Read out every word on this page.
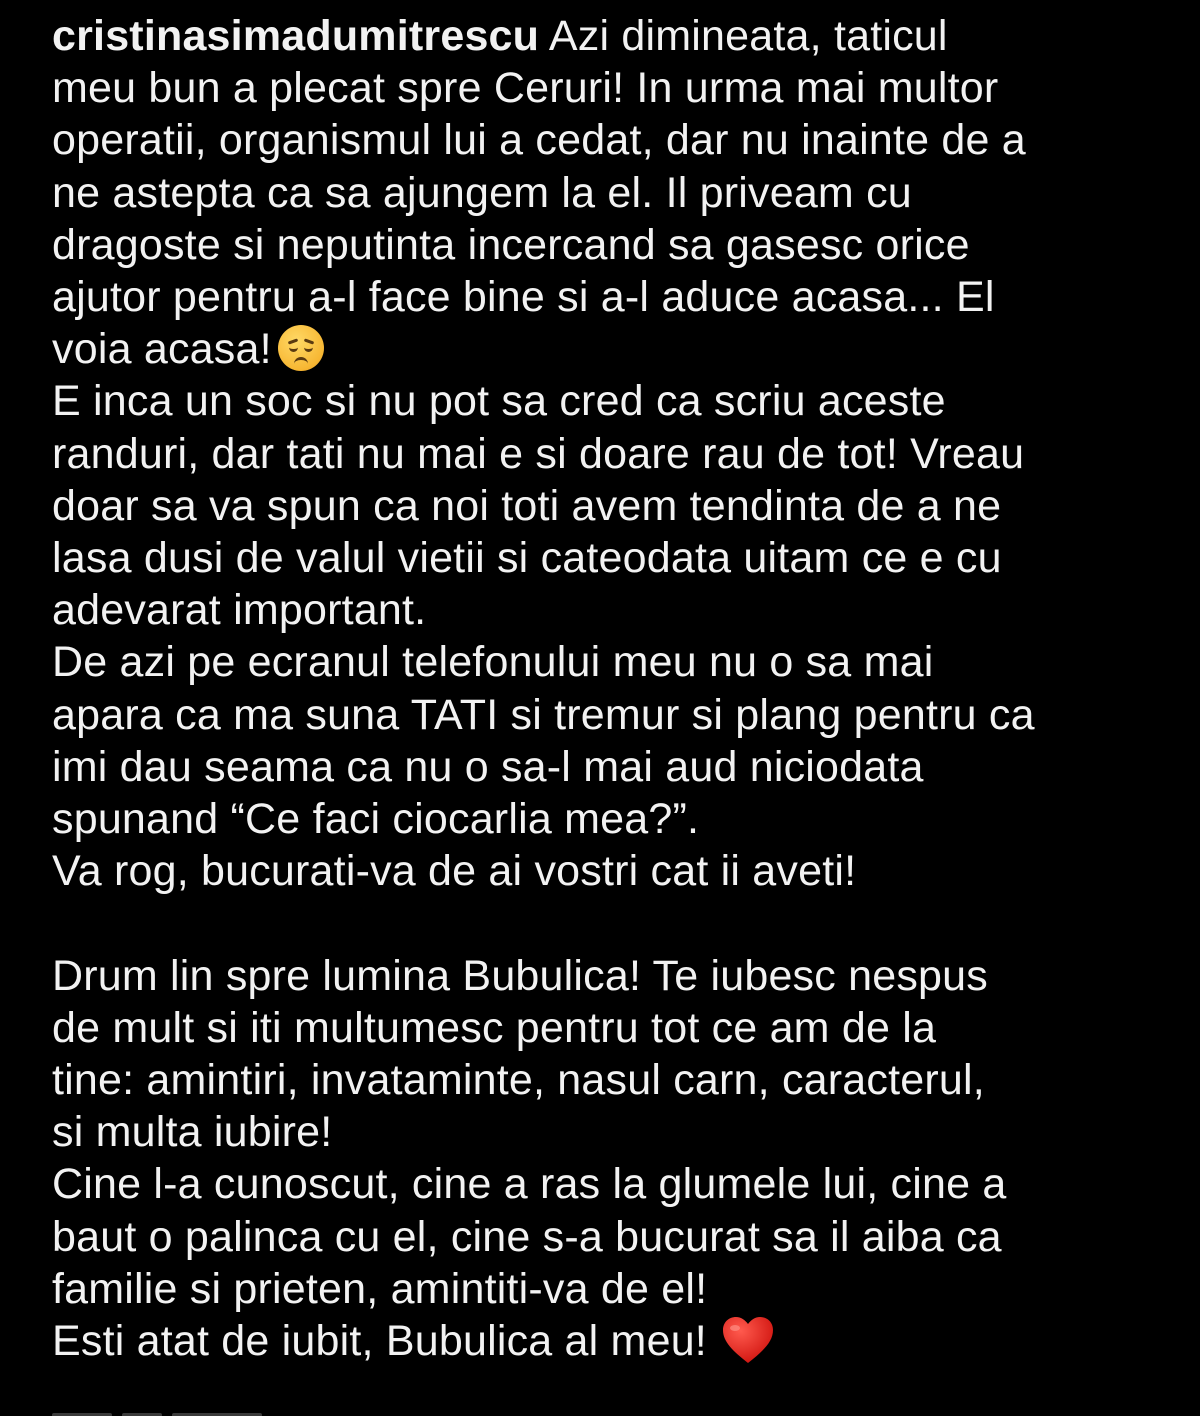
cristinasimadumitrescu Azi dimineata, taticul

meu bun a plecat spre Ceruri! In urma mai multor

operatii, organismul lui a cedat, dar nu inainte de a

ne astepta ca sa ajungem la el. Il priveam cu

dragoste si neputinta incercand sa gasesc orice

ajutor pentru a-l face bine si a-l aduce acasa... El

voia acasa!

E inca un soc si nu pot sa cred ca scriu aceste

randuri, dar tati nu mai e si doare rau de tot! Vreau

doar sa va spun ca noi toti avem tendinta de a ne

lasa dusi de valul vietii si cateodata uitam ce e cu

adevarat important.

De azi pe ecranul telefonului meu nu o sa mai

apara ca ma suna TATI si tremur si plang pentru ca

imi dau seama ca nu o sa-l mai aud niciodata

spunand “Ce faci ciocarlia mea?”.

Va rog, bucurati-va de ai vostri cat ii aveti!

Drum lin spre lumina Bubulica! Te iubesc nespus

de mult si iti multumesc pentru tot ce am de la

tine: amintiri, invataminte, nasul carn, caracterul,

si multa iubire!

Cine l-a cunoscut, cine a ras la glumele lui, cine a

baut o palinca cu el, cine s-a bucurat sa il aiba ca

familie si prieten, amintiti-va de el!

Esti atat de iubit, Bubulica al meu!
